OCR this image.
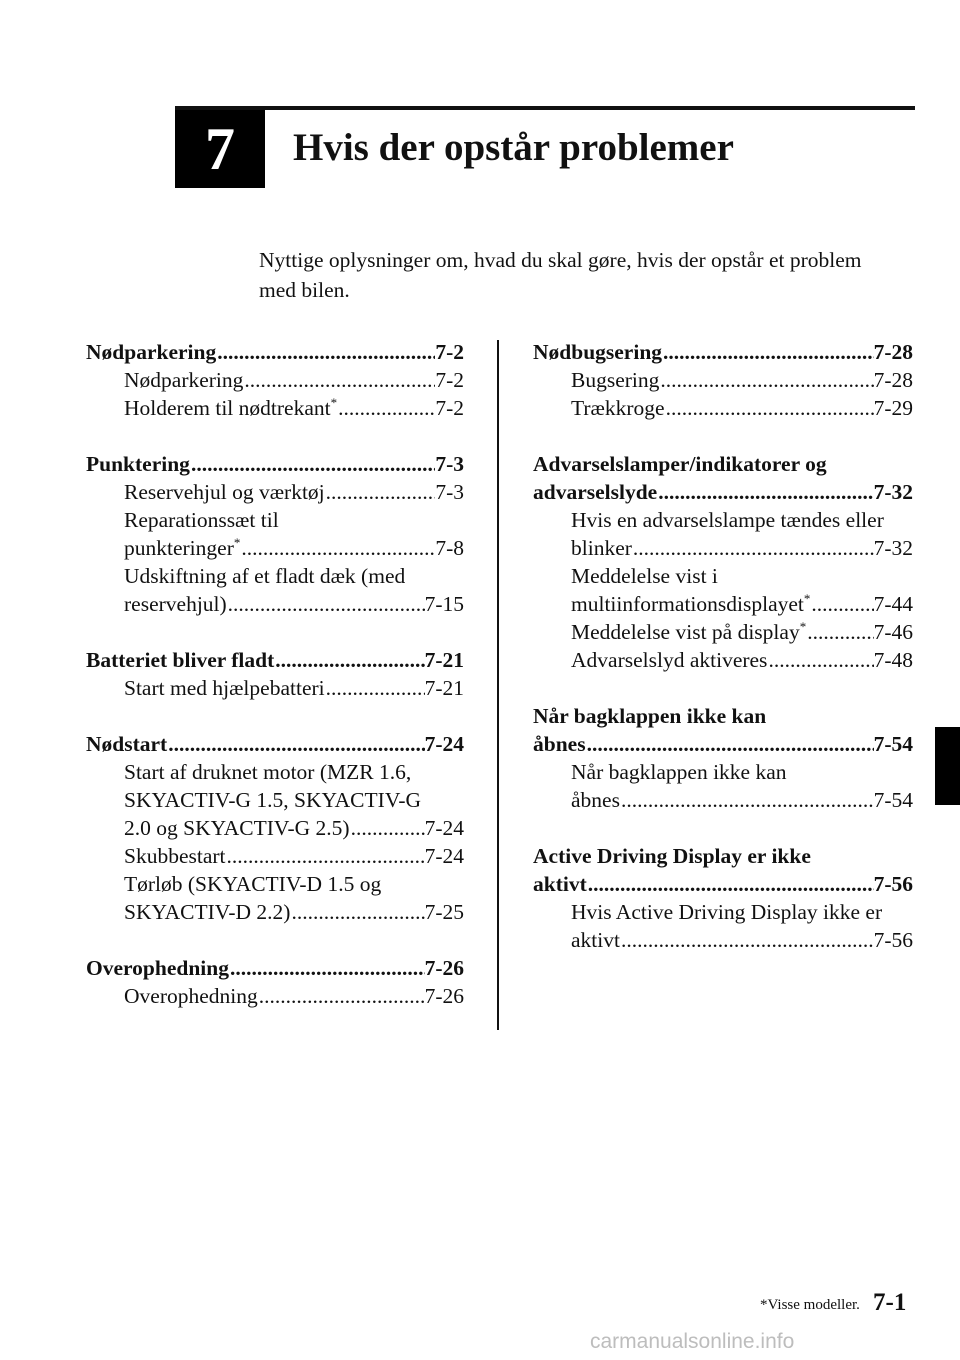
7	Hvis der opstår problemer
Nyttige oplysninger om, hvad du skal gøre, hvis der opstår et problem
med bilen.
Nødparkering .....	7-2
Nødparkering .....	7-2
Holderem til nødtrekant* .....	7-2
Punktering .....	7-3
Reservehjul og værktøj .....	7-3
Reparationssæt til
punkteringer* .....	7-8
Udskiftning af et fladt dæk (med
reservehjul) .....	7-15
Batteriet bliver fladt .....	7-21
Start med hjælpebatteri .....	7-21
Nødstart .....	7-24
Start af druknet motor (MZR 1.6,
SKYACTIV-G 1.5, SKYACTIV-G
2.0 og SKYACTIV-G 2.5) .....	7-24
Skubbestart .....	7-24
Tørløb (SKYACTIV-D 1.5 og
SKYACTIV-D 2.2) .....	7-25
Overophedning .....	7-26
Overophedning .....	7-26
Nødbugsering .....	7-28
Bugsering .....	7-28
Trækkroge .....	7-29
Advarselslamper/indikatorer og
advarselslyde .....	7-32
Hvis en advarselslampe tændes eller
blinker .....	7-32
Meddelelse vist i
multiinformationsdisplayet* .....	7-44
Meddelelse vist på display* .....	7-46
Advarselslyd aktiveres .....	7-48
Når bagklappen ikke kan
åbnes .....	7-54
Når bagklappen ikke kan
åbnes .....	7-54
Active Driving Display er ikke
aktivt .....	7-56
Hvis Active Driving Display ikke er
aktivt .....	7-56
*Visse modeller. 7-1
carmanualsonline.info
